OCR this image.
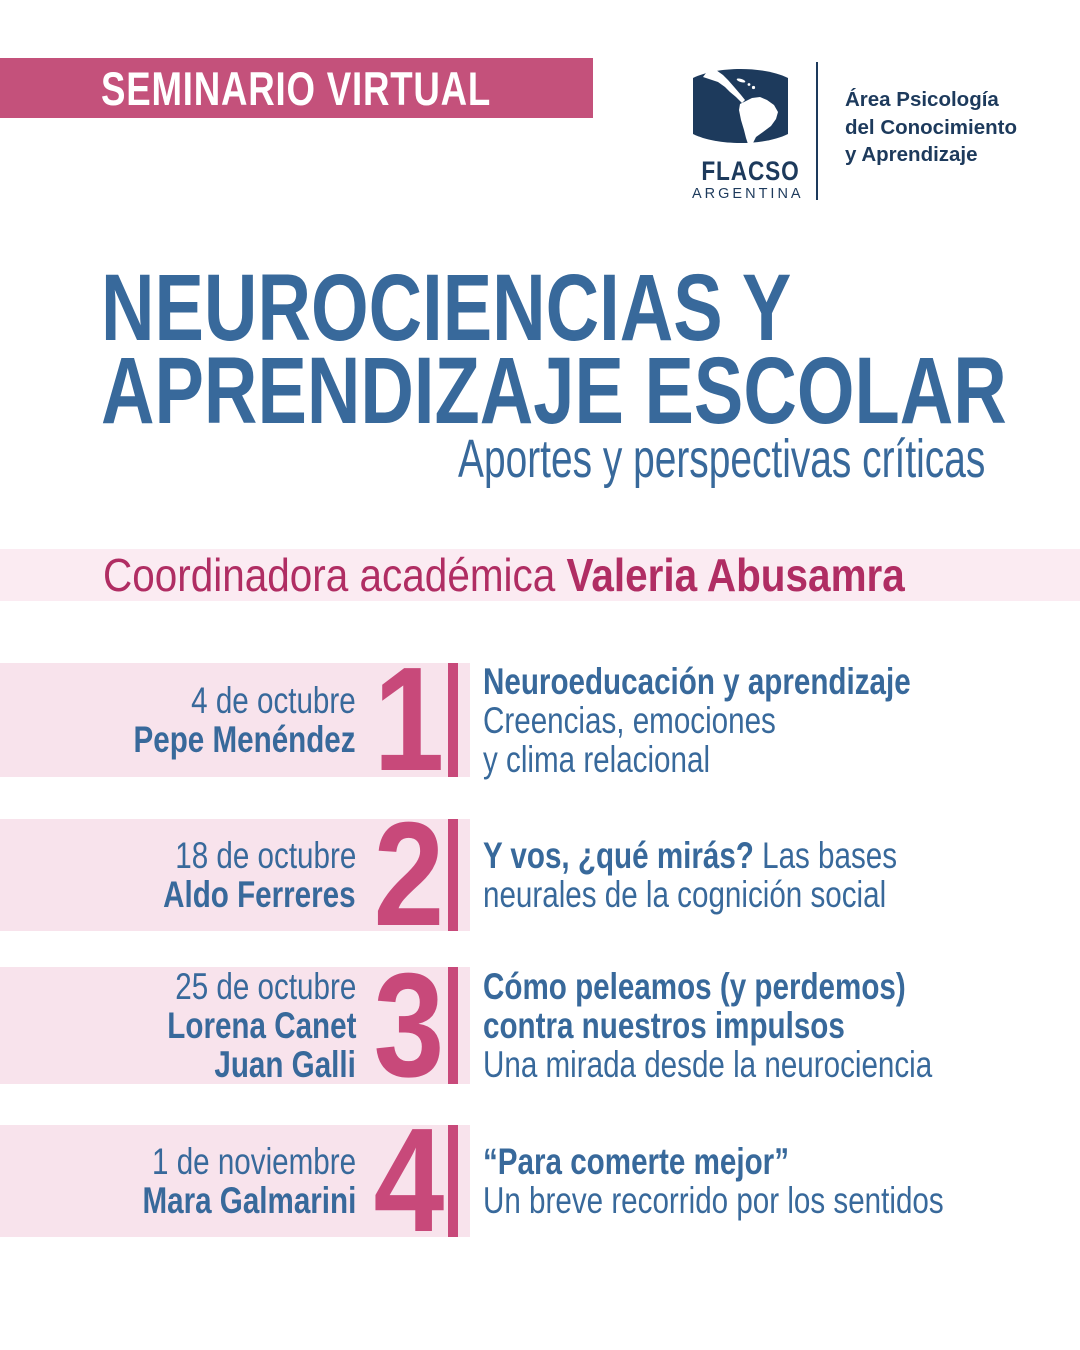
SEMINARIO VIRTUAL
FLACSO
ARGENTINA
Área Psicología
del Conocimiento
y Aprendizaje
NEUROCIENCIAS Y
APRENDIZAJE ESCOLAR
Aportes y perspectivas críticas
Coordinadora académica Valeria Abusamra
4 de octubre
Pepe Menéndez 1 Neuroeducación y aprendizaje
Creencias, emociones
y clima relacional
18 de octubre
Aldo Ferreres 2 Y vos, ¿qué mirás? Las bases
neurales de la cognición social
25 de octubre
Lorena Canet
Juan Galli 3 Cómo peleamos (y perdemos)
contra nuestros impulsos
Una mirada desde la neurociencia
1 de noviembre
Mara Galmarini 4 “Para comerte mejor”
Un breve recorrido por los sentidos
